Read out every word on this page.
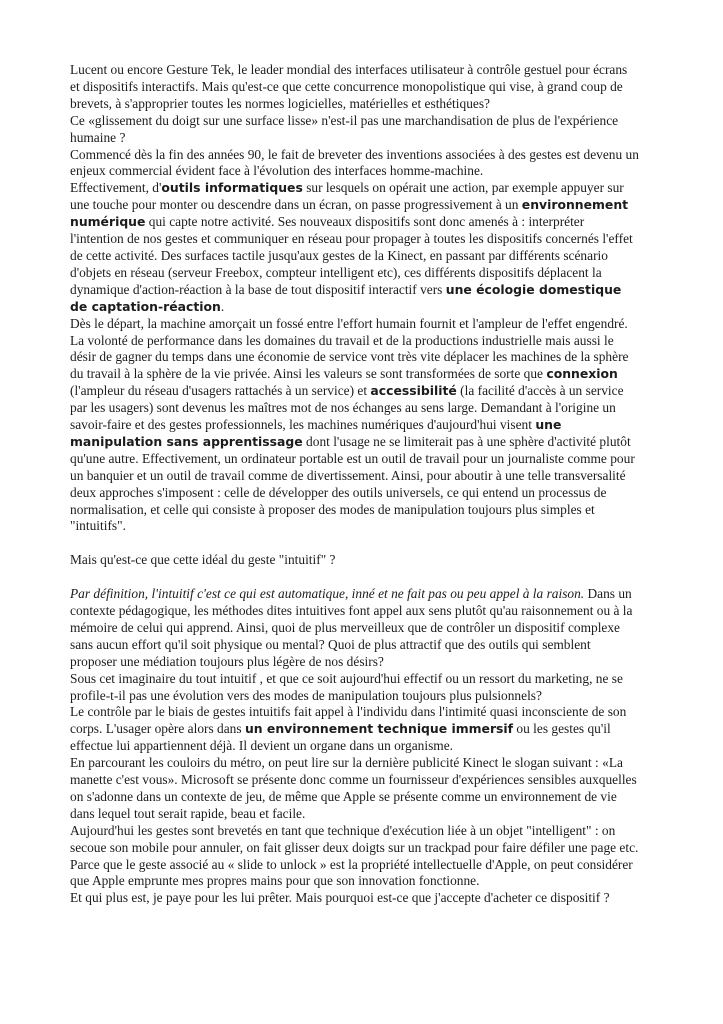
Lucent ou encore Gesture Tek, le leader mondial des interfaces utilisateur à contrôle gestuel pour écrans et dispositifs interactifs. Mais qu'est-ce que cette concurrence monopolistique qui vise, à grand coup de brevets, à s'approprier toutes les normes logicielles, matérielles et esthétiques?

Ce «glissement du doigt sur une surface lisse» n'est-il pas une marchandisation de plus de l'expérience humaine ?

Commencé dès la fin des années 90, le fait de breveter des inventions associées à des gestes est devenu un enjeux commercial évident face à l'évolution des interfaces homme-machine.

Effectivement, d'outils informatiques sur lesquels on opérait une action, par exemple appuyer sur une touche pour monter ou descendre dans un écran, on passe progressivement à un environnement numérique qui capte notre activité. Ses nouveaux dispositifs sont donc amenés à : interpréter l'intention de nos gestes et communiquer en réseau pour propager à toutes les dispositifs concernés l'effet de cette activité. Des surfaces tactile jusqu'aux gestes de la Kinect, en passant par différents scénario d'objets en réseau (serveur Freebox, compteur intelligent etc), ces différents dispositifs déplacent la dynamique d'action-réaction à la base de tout dispositif interactif vers une écologie domestique de captation-réaction.

Dès le départ, la machine amorçait un fossé entre l'effort humain fournit et l'ampleur de l'effet engendré. La volonté de performance dans les domaines du travail et de la productions industrielle mais aussi le désir de gagner du temps dans une économie de service vont très vite déplacer les machines de la sphère du travail à la sphère de la vie privée. Ainsi les valeurs se sont transformées de sorte que connexion (l'ampleur du réseau d'usagers rattachés à un service) et accessibilité (la facilité d'accès à un service par les usagers) sont devenus les maîtres mot de nos échanges au sens large. Demandant à l'origine un savoir-faire et des gestes professionnels, les machines numériques d'aujourd'hui visent une manipulation sans apprentissage dont l'usage ne se limiterait pas à une sphère d'activité plutôt qu'une autre. Effectivement, un ordinateur portable est un outil de travail pour un journaliste comme pour un banquier et un outil de travail comme de divertissement. Ainsi, pour aboutir à une telle transversalité deux approches s'imposent : celle de développer des outils universels, ce qui entend un processus de normalisation, et celle qui consiste à proposer des modes de manipulation toujours plus simples et "intuitifs".

Mais qu'est-ce que cette idéal du geste "intuitif" ?

Par définition, l'intuitif c'est ce qui est automatique, inné et ne fait pas ou peu appel à la raison. Dans un contexte pédagogique, les méthodes dites intuitives font appel aux sens plutôt qu'au raisonnement ou à la mémoire de celui qui apprend. Ainsi, quoi de plus merveilleux que de contrôler un dispositif complexe sans aucun effort qu'il soit physique ou mental? Quoi de plus attractif que des outils qui semblent proposer une médiation toujours plus légère de nos désirs?

Sous cet imaginaire du tout intuitif , et que ce soit aujourd'hui effectif ou un ressort du marketing, ne se profile-t-il pas une évolution vers des modes de manipulation toujours plus pulsionnels?

Le contrôle par le biais de gestes intuitifs fait appel à l'individu dans l'intimité quasi inconsciente de son corps. L'usager opère alors dans un environnement technique immersif ou les gestes qu'il effectue lui appartiennent déjà. Il devient un organe dans un organisme.

En parcourant les couloirs du métro, on peut lire sur la dernière publicité Kinect le slogan suivant : «La manette c'est vous». Microsoft se présente donc comme un fournisseur d'expériences sensibles auxquelles on s'adonne dans un contexte de jeu, de même que Apple se présente comme un environnement de vie dans lequel tout serait rapide, beau et facile.

Aujourd'hui les gestes sont brevetés en tant que technique d'exécution liée à un objet "intelligent" : on secoue son mobile pour annuler, on fait glisser deux doigts sur un trackpad pour faire défiler une page etc. Parce que le geste associé au « slide to unlock » est la propriété intellectuelle d'Apple, on peut considérer que Apple emprunte mes propres mains pour que son innovation fonctionne.

Et qui plus est, je paye pour les lui prêter. Mais pourquoi est-ce que j'accepte d'acheter ce dispositif ?
